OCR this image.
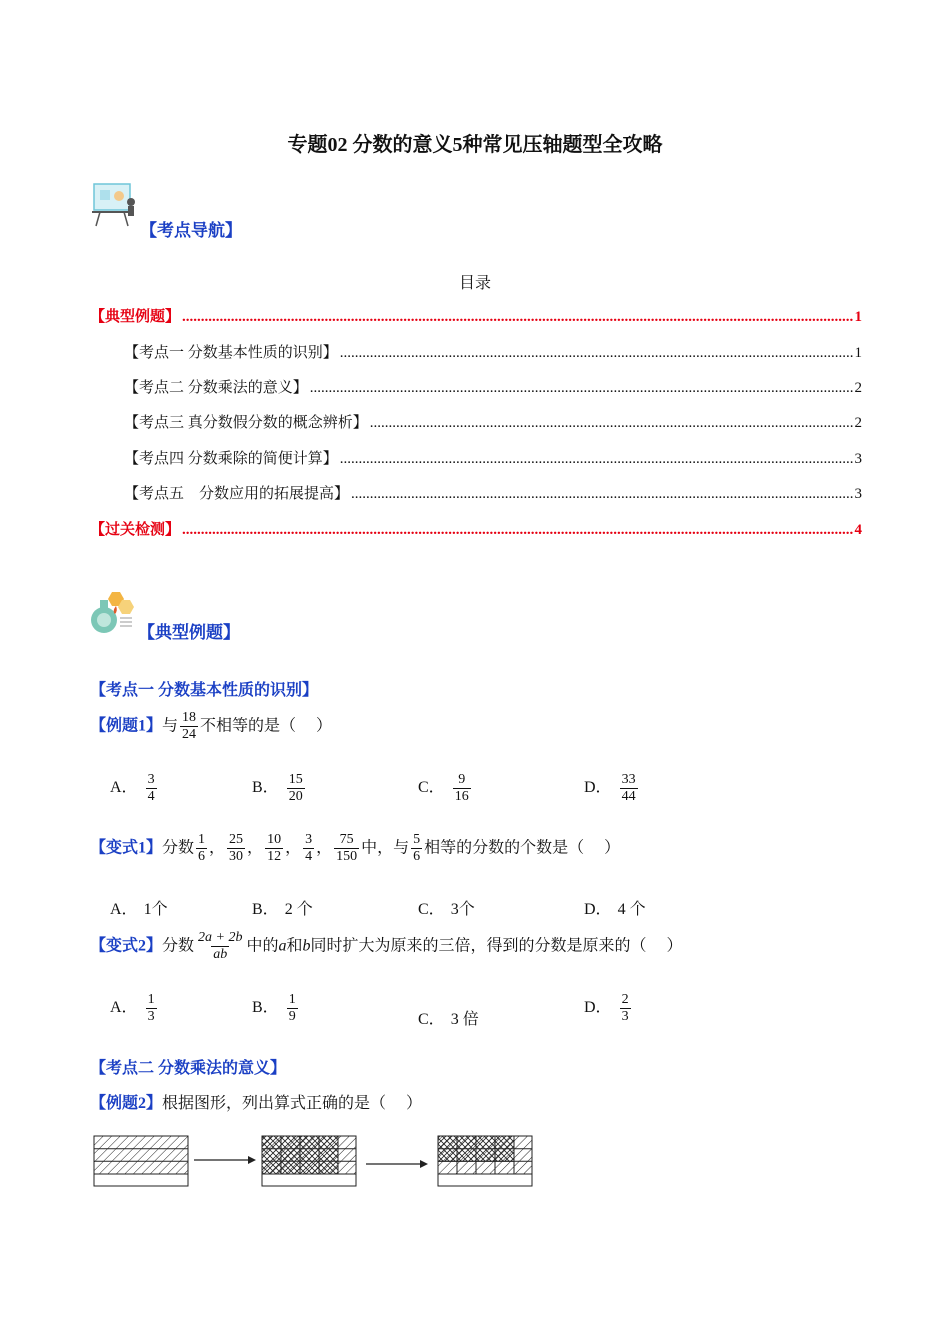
专题02 分数的意义5种常见压轴题型全攻略
【考点导航】
目录
【典型例题】 .....	1
【考点一 分数基本性质的识别】 .....	1
【考点二 分数乘法的意义】 .....	2
【考点三 真分数假分数的概念辨析】 .....	2
【考点四 分数乘除的简便计算】 .....	3
【考点五    分数应用的拓展提高】 .....	3
【过关检测】 .....	4
【典型例题】
【考点一 分数基本性质的识别】
【例题1】与 $\frac{18}{24}$ 不相等的是（     ）
A． $\frac{3}{4}$	B． $\frac{15}{20}$	C． $\frac{9}{16}$	D． $\frac{33}{44}$
【变式1】分数 $\frac{1}{6}$ ， $\frac{25}{30}$ ， $\frac{10}{12}$ ， $\frac{3}{4}$ ， $\frac{75}{150}$ 中，与 $\frac{5}{6}$ 相等的分数的个数是（     ）
A． 1个	B． 2 个	C． 3个	D． 4 个
【变式2】分数 $\frac{2a + 2b}{ab}$ 中的a和b同时扩大为原来的三倍，得到的分数是原来的（     ）
A． $\frac{1}{3}$	B． $\frac{1}{9}$	C． 3 倍
D． $\frac{2}{3}$
【考点二 分数乘法的意义】
【例题2】根据图形，列出算式正确的是（     ）
